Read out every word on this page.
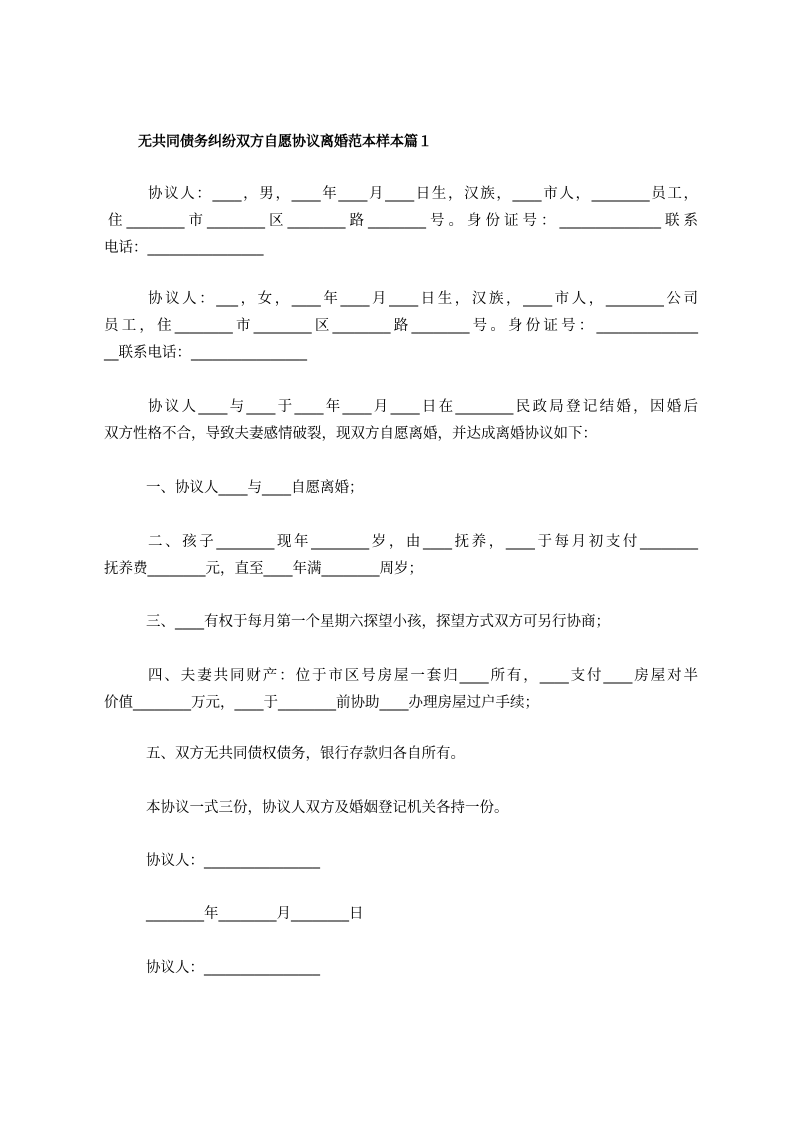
无共同债务纠纷双方自愿协议离婚范本样本篇１
协议人：____，男，____年____月____日生，汉族，____市人，________员工，
住________市________区________路________号。身份证号：______________联系
电话：________________
协议人：___，女，____年____月____日生，汉族，____市人，________公司
员工，住________市________区________路________号。身份证号：______________
__联系电话：________________
协议人____与____于____年____月____日在________民政局登记结婚，因婚后
双方性格不合，导致夫妻感情破裂，现双方自愿离婚，并达成离婚协议如下：
一、协议人____与____自愿离婚；
二、孩子________现年________岁，由____抚养，____于每月初支付________
抚养费________元，直至____年满________周岁；
三、____有权于每月第一个星期六探望小孩，探望方式双方可另行协商；
四、夫妻共同财产：位于市区号房屋一套归____所有，____支付____房屋对半
价值________万元，____于________前协助____办理房屋过户手续；
五、双方无共同债权债务，银行存款归各自所有。
本协议一式三份，协议人双方及婚姻登记机关各持一份。
协议人：________________
________年________月________日
协议人：________________
